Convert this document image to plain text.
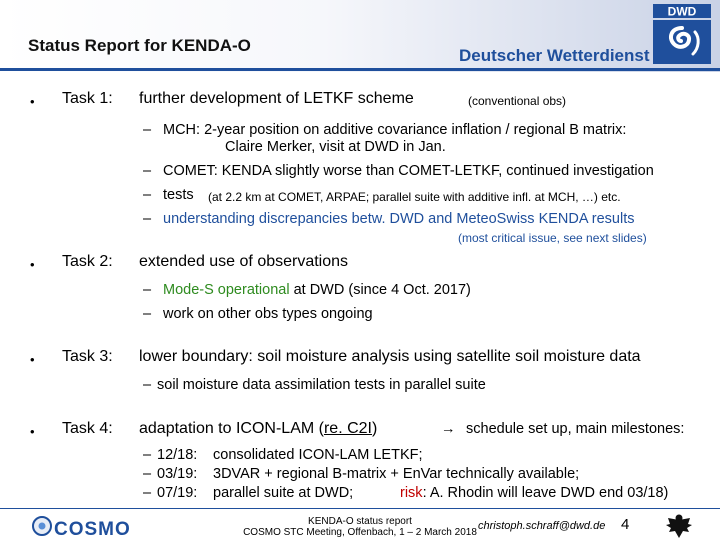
Status Report for KENDA-O
Deutscher Wetterdienst
DWD
• Task 1: further development of LETKF scheme	(conventional obs)
– MCH: 2-year position on additive covariance inflation / regional B matrix:
Claire Merker, visit at DWD in Jan.
– COMET: KENDA slightly worse than COMET-LETKF, continued investigation
– tests (at 2.2 km at COMET, ARPAE; parallel suite with additive infl. at MCH, …) etc.
– understanding discrepancies betw. DWD and MeteoSwiss KENDA results
(most critical issue, see next slides)
• Task 2: extended use of observations
– Mode-S operational at DWD (since 4 Oct. 2017)
– work on other obs types ongoing
• Task 3: lower boundary: soil moisture analysis using satellite soil moisture data
– soil moisture data assimilation tests in parallel suite
• Task 4: adaptation to ICON-LAM (re. C2I)	→ schedule set up, main milestones:
– 12/18: consolidated ICON-LAM LETKF;
– 03/19: 3DVAR + regional B-matrix + EnVar technically available;
– 07/19: parallel suite at DWD;	risk: A. Rhodin will leave DWD end 03/18)
COSMO	KENDA-O status report
COSMO STC Meeting, Offenbach, 1 – 2 March 2018
christoph.schraff@dwd.de 4
